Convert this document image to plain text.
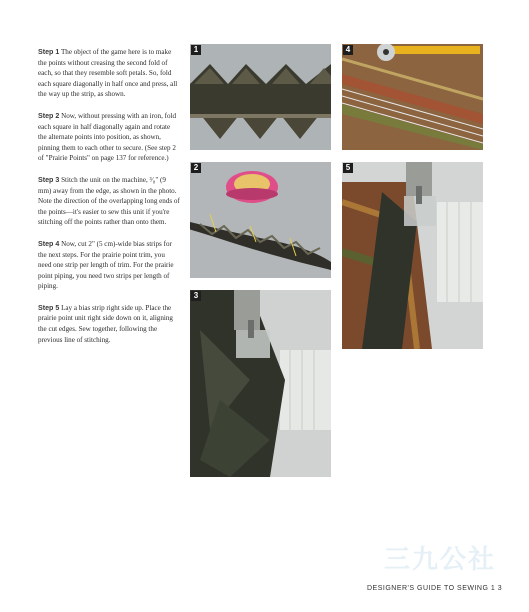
Step 1 The object of the game here is to make the points without creasing the second fold of each, so that they resemble soft petals. So, fold each square diagonally in half once and press, all the way up the strip, as shown.

Step 2 Now, without pressing with an iron, fold each square in half diagonally again and rotate the alternate points into position, as shown, pinning them to each other to secure. (See step 2 of "Prairie Points" on page 137 for reference.)

Step 3 Stitch the unit on the machine, ³⁄₈" (9 mm) away from the edge, as shown in the photo. Note the direction of the overlapping long ends of the points—it's easier to sew this unit if you're stitching off the points rather than onto them.

Step 4 Now, cut 2" (5 cm)-wide bias strips for the next steps. For the prairie point trim, you need one strip per length of trim. For the prairie point piping, you need two strips per length of piping.

Step 5 Lay a bias strip right side up. Place the prairie point unit right side down on it, aligning the cut edges. Sew together, following the previous line of stitching.

1
2
3
4
5
三九公社
DESIGNER'S GUIDE TO SEWING 1 3
